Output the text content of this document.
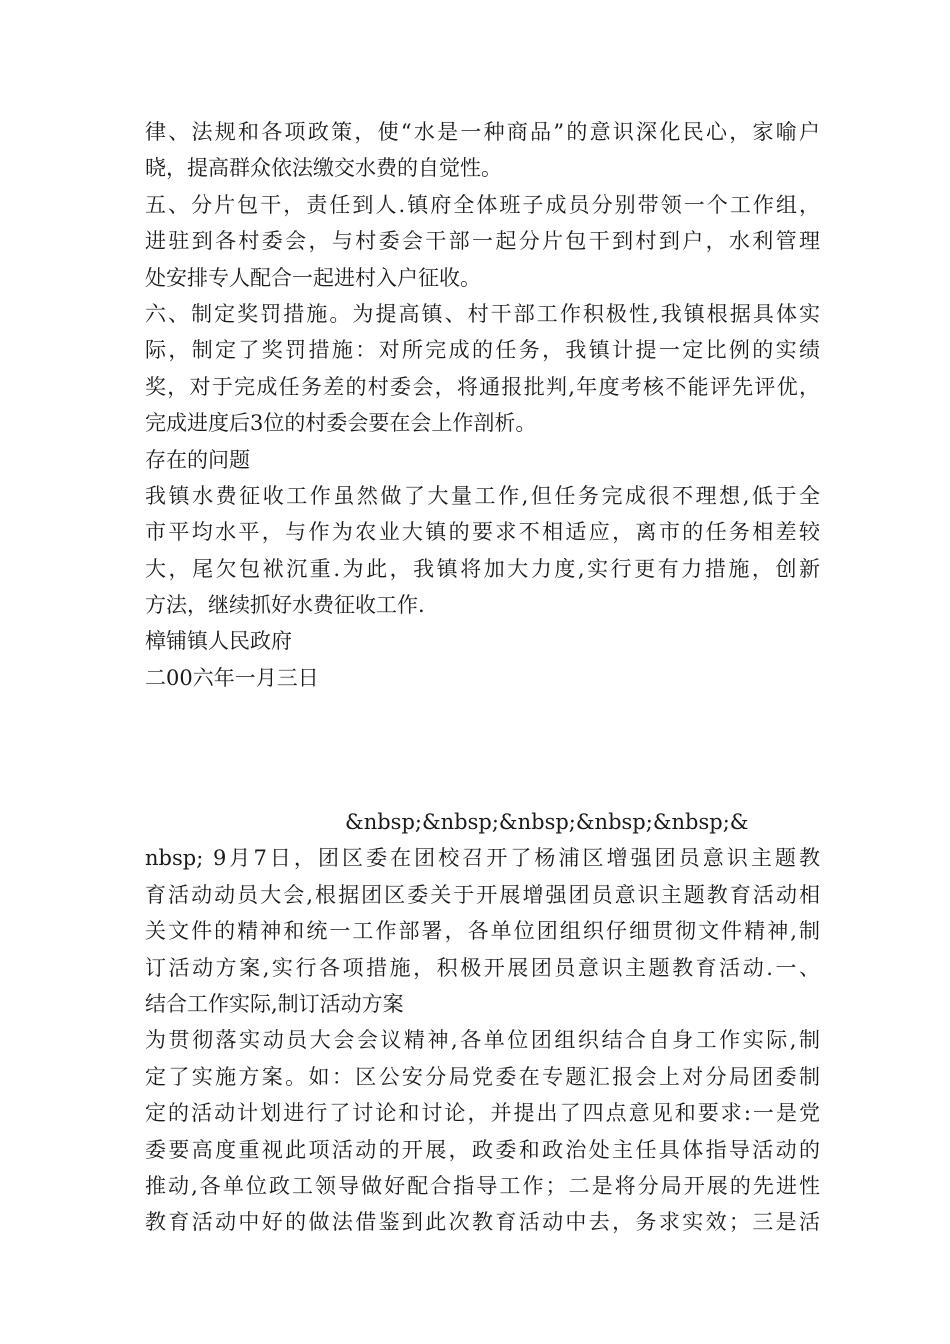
律、法规和各项政策，使“水是一种商品”的意识深化民心，家喻户
晓，提高群众依法缴交水费的自觉性。
五、分片包干，责任到人.镇府全体班子成员分别带领一个工作组，
进驻到各村委会，与村委会干部一起分片包干到村到户，水利管理
处安排专人配合一起进村入户征收。
六、制定奖罚措施。为提高镇、村干部工作积极性,我镇根据具体实
际，制定了奖罚措施：对所完成的任务，我镇计提一定比例的实绩
奖，对于完成任务差的村委会，将通报批判,年度考核不能评先评优，
完成进度后3位的村委会要在会上作剖析。
存在的问题
我镇水费征收工作虽然做了大量工作,但任务完成很不理想,低于全
市平均水平，与作为农业大镇的要求不相适应，离市的任务相差较
大，尾欠包袱沉重.为此，我镇将加大力度,实行更有力措施，创新
方法，继续抓好水费征收工作.
樟铺镇人民政府
二00六年一月三日
&nbsp;&nbsp;&nbsp;&nbsp;&nbsp;&
nbsp; 9月7日，团区委在团校召开了杨浦区增强团员意识主题教
育活动动员大会,根据团区委关于开展增强团员意识主题教育活动相
关文件的精神和统一工作部署，各单位团组织仔细贯彻文件精神,制
订活动方案,实行各项措施，积极开展团员意识主题教育活动.一、
结合工作实际,制订活动方案
为贯彻落实动员大会会议精神,各单位团组织结合自身工作实际,制
定了实施方案。如：区公安分局党委在专题汇报会上对分局团委制
定的活动计划进行了讨论和讨论，并提出了四点意见和要求:一是党
委要高度重视此项活动的开展，政委和政治处主任具体指导活动的
推动,各单位政工领导做好配合指导工作；二是将分局开展的先进性
教育活动中好的做法借鉴到此次教育活动中去，务求实效；三是活
